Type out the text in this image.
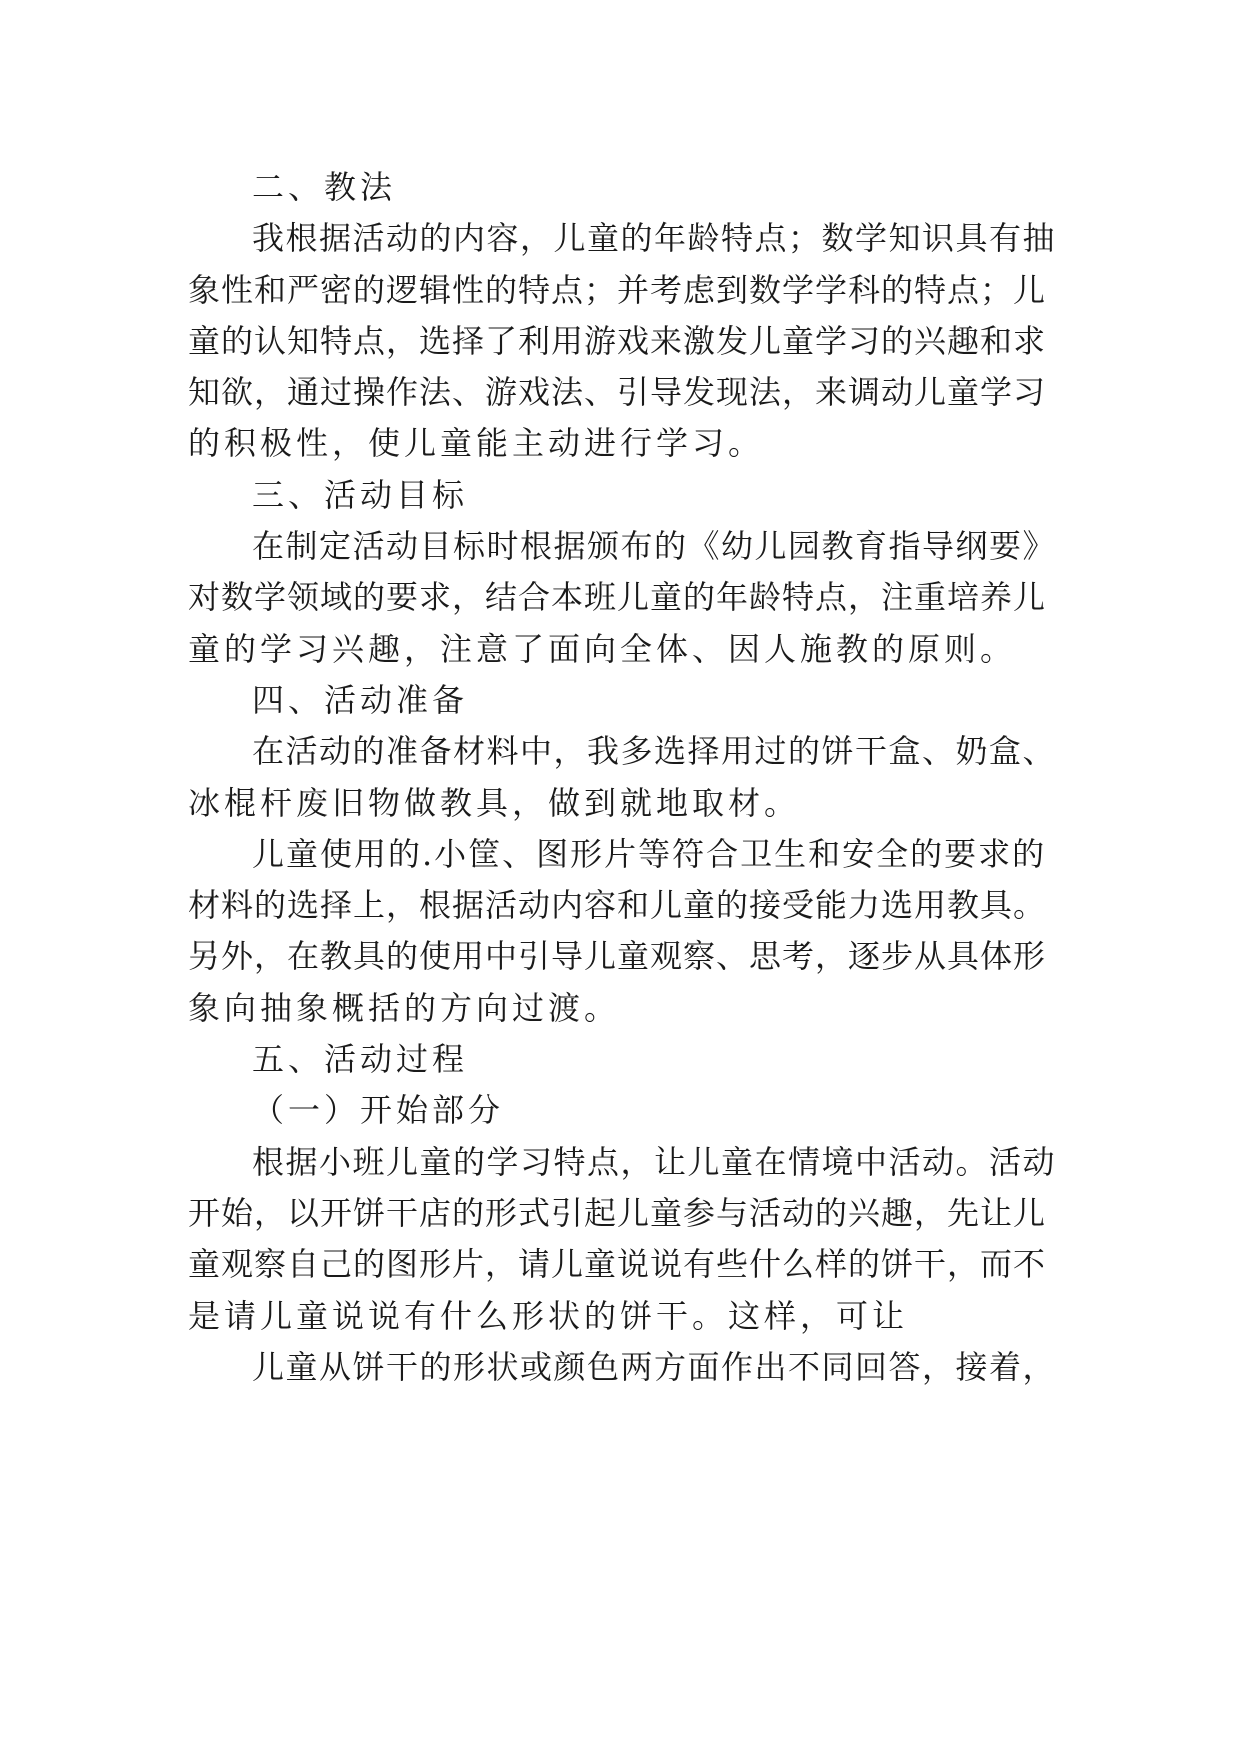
二、教法
我根据活动的内容，儿童的年龄特点；数学知识具有抽
象性和严密的逻辑性的特点；并考虑到数学学科的特点；儿
童的认知特点，选择了利用游戏来激发儿童学习的兴趣和求
知欲，通过操作法、游戏法、引导发现法，来调动儿童学习
的积极性，使儿童能主动进行学习。
三、活动目标
在制定活动目标时根据颁布的《幼儿园教育指导纲要》
对数学领域的要求，结合本班儿童的年龄特点，注重培养儿
童的学习兴趣，注意了面向全体、因人施教的原则。
四、活动准备
在活动的准备材料中，我多选择用过的饼干盒、奶盒、
冰棍杆废旧物做教具，做到就地取材。
儿童使用的.小筐、图形片等符合卫生和安全的要求的
材料的选择上，根据活动内容和儿童的接受能力选用教具。
另外，在教具的使用中引导儿童观察、思考，逐步从具体形
象向抽象概括的方向过渡。
五、活动过程
（一）开始部分
根据小班儿童的学习特点，让儿童在情境中活动。活动
开始，以开饼干店的形式引起儿童参与活动的兴趣，先让儿
童观察自己的图形片，请儿童说说有些什么样的饼干，而不
是请儿童说说有什么形状的饼干。这样，可让
儿童从饼干的形状或颜色两方面作出不同回答，接着，
